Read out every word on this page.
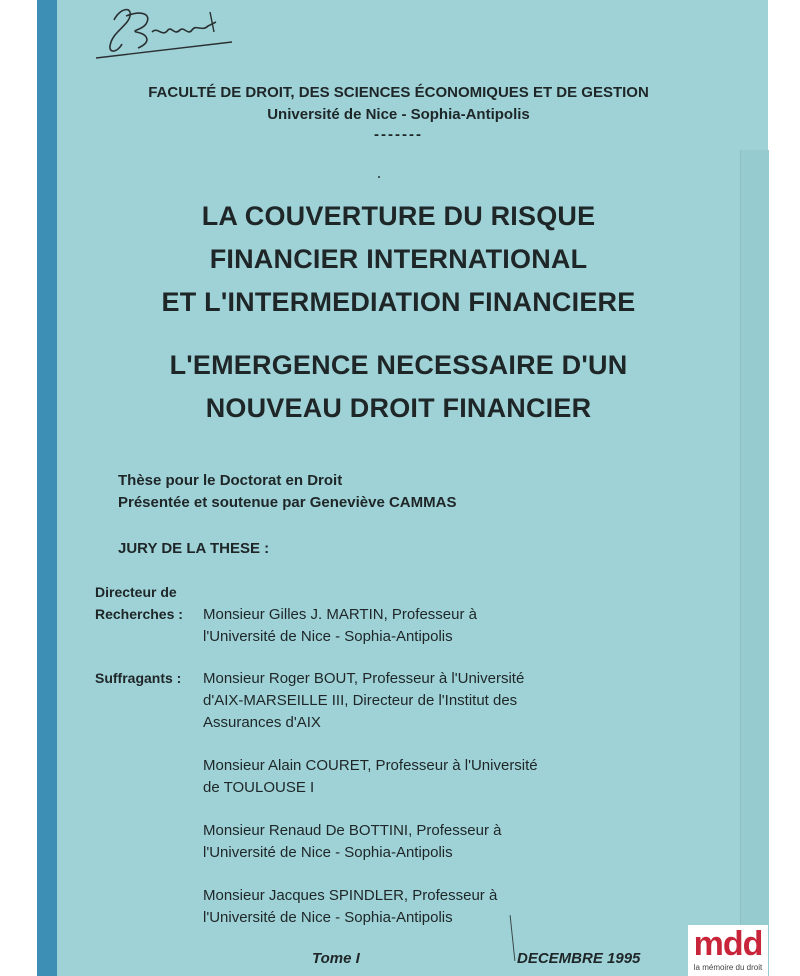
FACULTÉ DE DROIT, DES SCIENCES ÉCONOMIQUES ET DE GESTION
Université de Nice - Sophia-Antipolis
-------
LA COUVERTURE DU RISQUE
FINANCIER INTERNATIONAL
ET L'INTERMEDIATION FINANCIERE
L'EMERGENCE NECESSAIRE D'UN
NOUVEAU DROIT FINANCIER
Thèse pour le Doctorat en Droit
Présentée et soutenue par Geneviève CAMMAS
JURY DE LA THESE :
Directeur de
Recherches : Monsieur Gilles J. MARTIN, Professeur à
l'Université de Nice - Sophia-Antipolis
Suffragants : Monsieur Roger BOUT, Professeur à l'Université
d'AIX-MARSEILLE III, Directeur de l'Institut des
Assurances d'AIX
Monsieur Alain COURET, Professeur à l'Université
de TOULOUSE I
Monsieur Renaud De BOTTINI, Professeur à
l'Université de Nice - Sophia-Antipolis
Monsieur Jacques SPINDLER, Professeur à
l'Université de Nice - Sophia-Antipolis
Tome I	DECEMBRE 1995 mdd
la mémoire du droit
